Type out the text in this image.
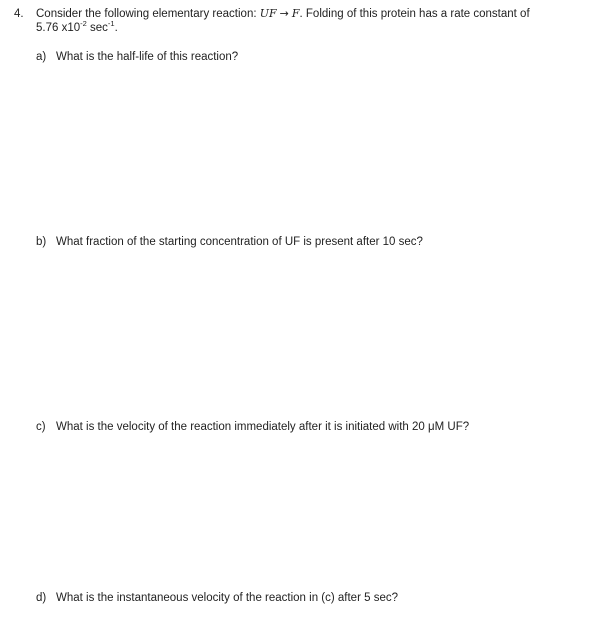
4. Consider the following elementary reaction: UF → F. Folding of this protein has a rate constant of
5.76 $x10^{-2}$ $\sec^{-1}$.
a) What is the half-life of this reaction?
b) What fraction of the starting concentration of UF is present after 10 sec?
c) What is the velocity of the reaction immediately after it is initiated with 20 μM UF?
d) What is the instantaneous velocity of the reaction in (c) after 5 sec?
